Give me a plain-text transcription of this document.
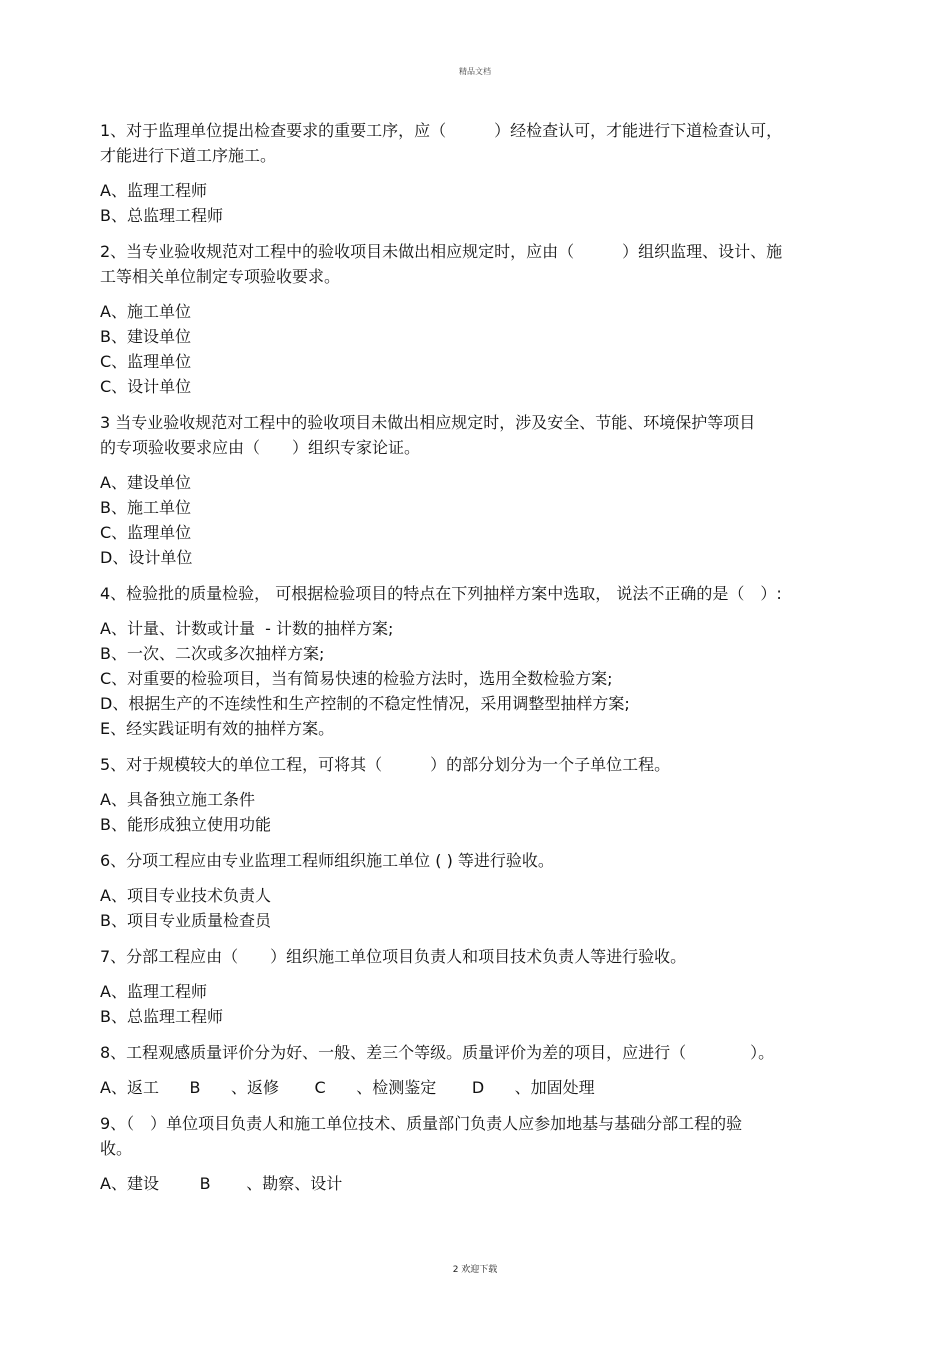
精品文档
1、对于监理单位提出检查要求的重要工序，应（　　　）经检查认可，才能进行下道检查认可，
才能进行下道工序施工。
A、监理工程师
B、总监理工程师
2、当专业验收规范对工程中的验收项目未做出相应规定时，应由（　　　）组织监理、设计、施
工等相关单位制定专项验收要求。
A、施工单位
B、建设单位
C、监理单位
C、设计单位
3 当专业验收规范对工程中的验收项目未做出相应规定时，涉及安全、节能、环境保护等项目
的专项验收要求应由（　　）组织专家论证。
A、建设单位
B、施工单位
C、监理单位
D、设计单位
4、检验批的质量检验， 可根据检验项目的特点在下列抽样方案中选取， 说法不正确的是（　）:
A、计量、计数或计量  - 计数的抽样方案;
B、一次、二次或多次抽样方案;
C、对重要的检验项目，当有简易快速的检验方法时，选用全数检验方案;
D、根据生产的不连续性和生产控制的不稳定性情况，采用调整型抽样方案;
E、经实践证明有效的抽样方案。
5、对于规模较大的单位工程，可将其（　　　）的部分划分为一个子单位工程。
A、具备独立施工条件
B、能形成独立使用功能
6、分项工程应由专业监理工程师组织施工单位 ( ) 等进行验收。
A、项目专业技术负责人
B、项目专业质量检查员
7、分部工程应由（　　）组织施工单位项目负责人和项目技术负责人等进行验收。
A、监理工程师
B、总监理工程师
8、工程观感质量评价分为好、一般、差三个等级。质量评价为差的项目，应进行（　　　　）。
A、返工      B      、返修       C      、检测鉴定       D      、加固处理
9、（　）单位项目负责人和施工单位技术、质量部门负责人应参加地基与基础分部工程的验
收。
A、建设        B       、勘察、设计
2 欢迎下载
